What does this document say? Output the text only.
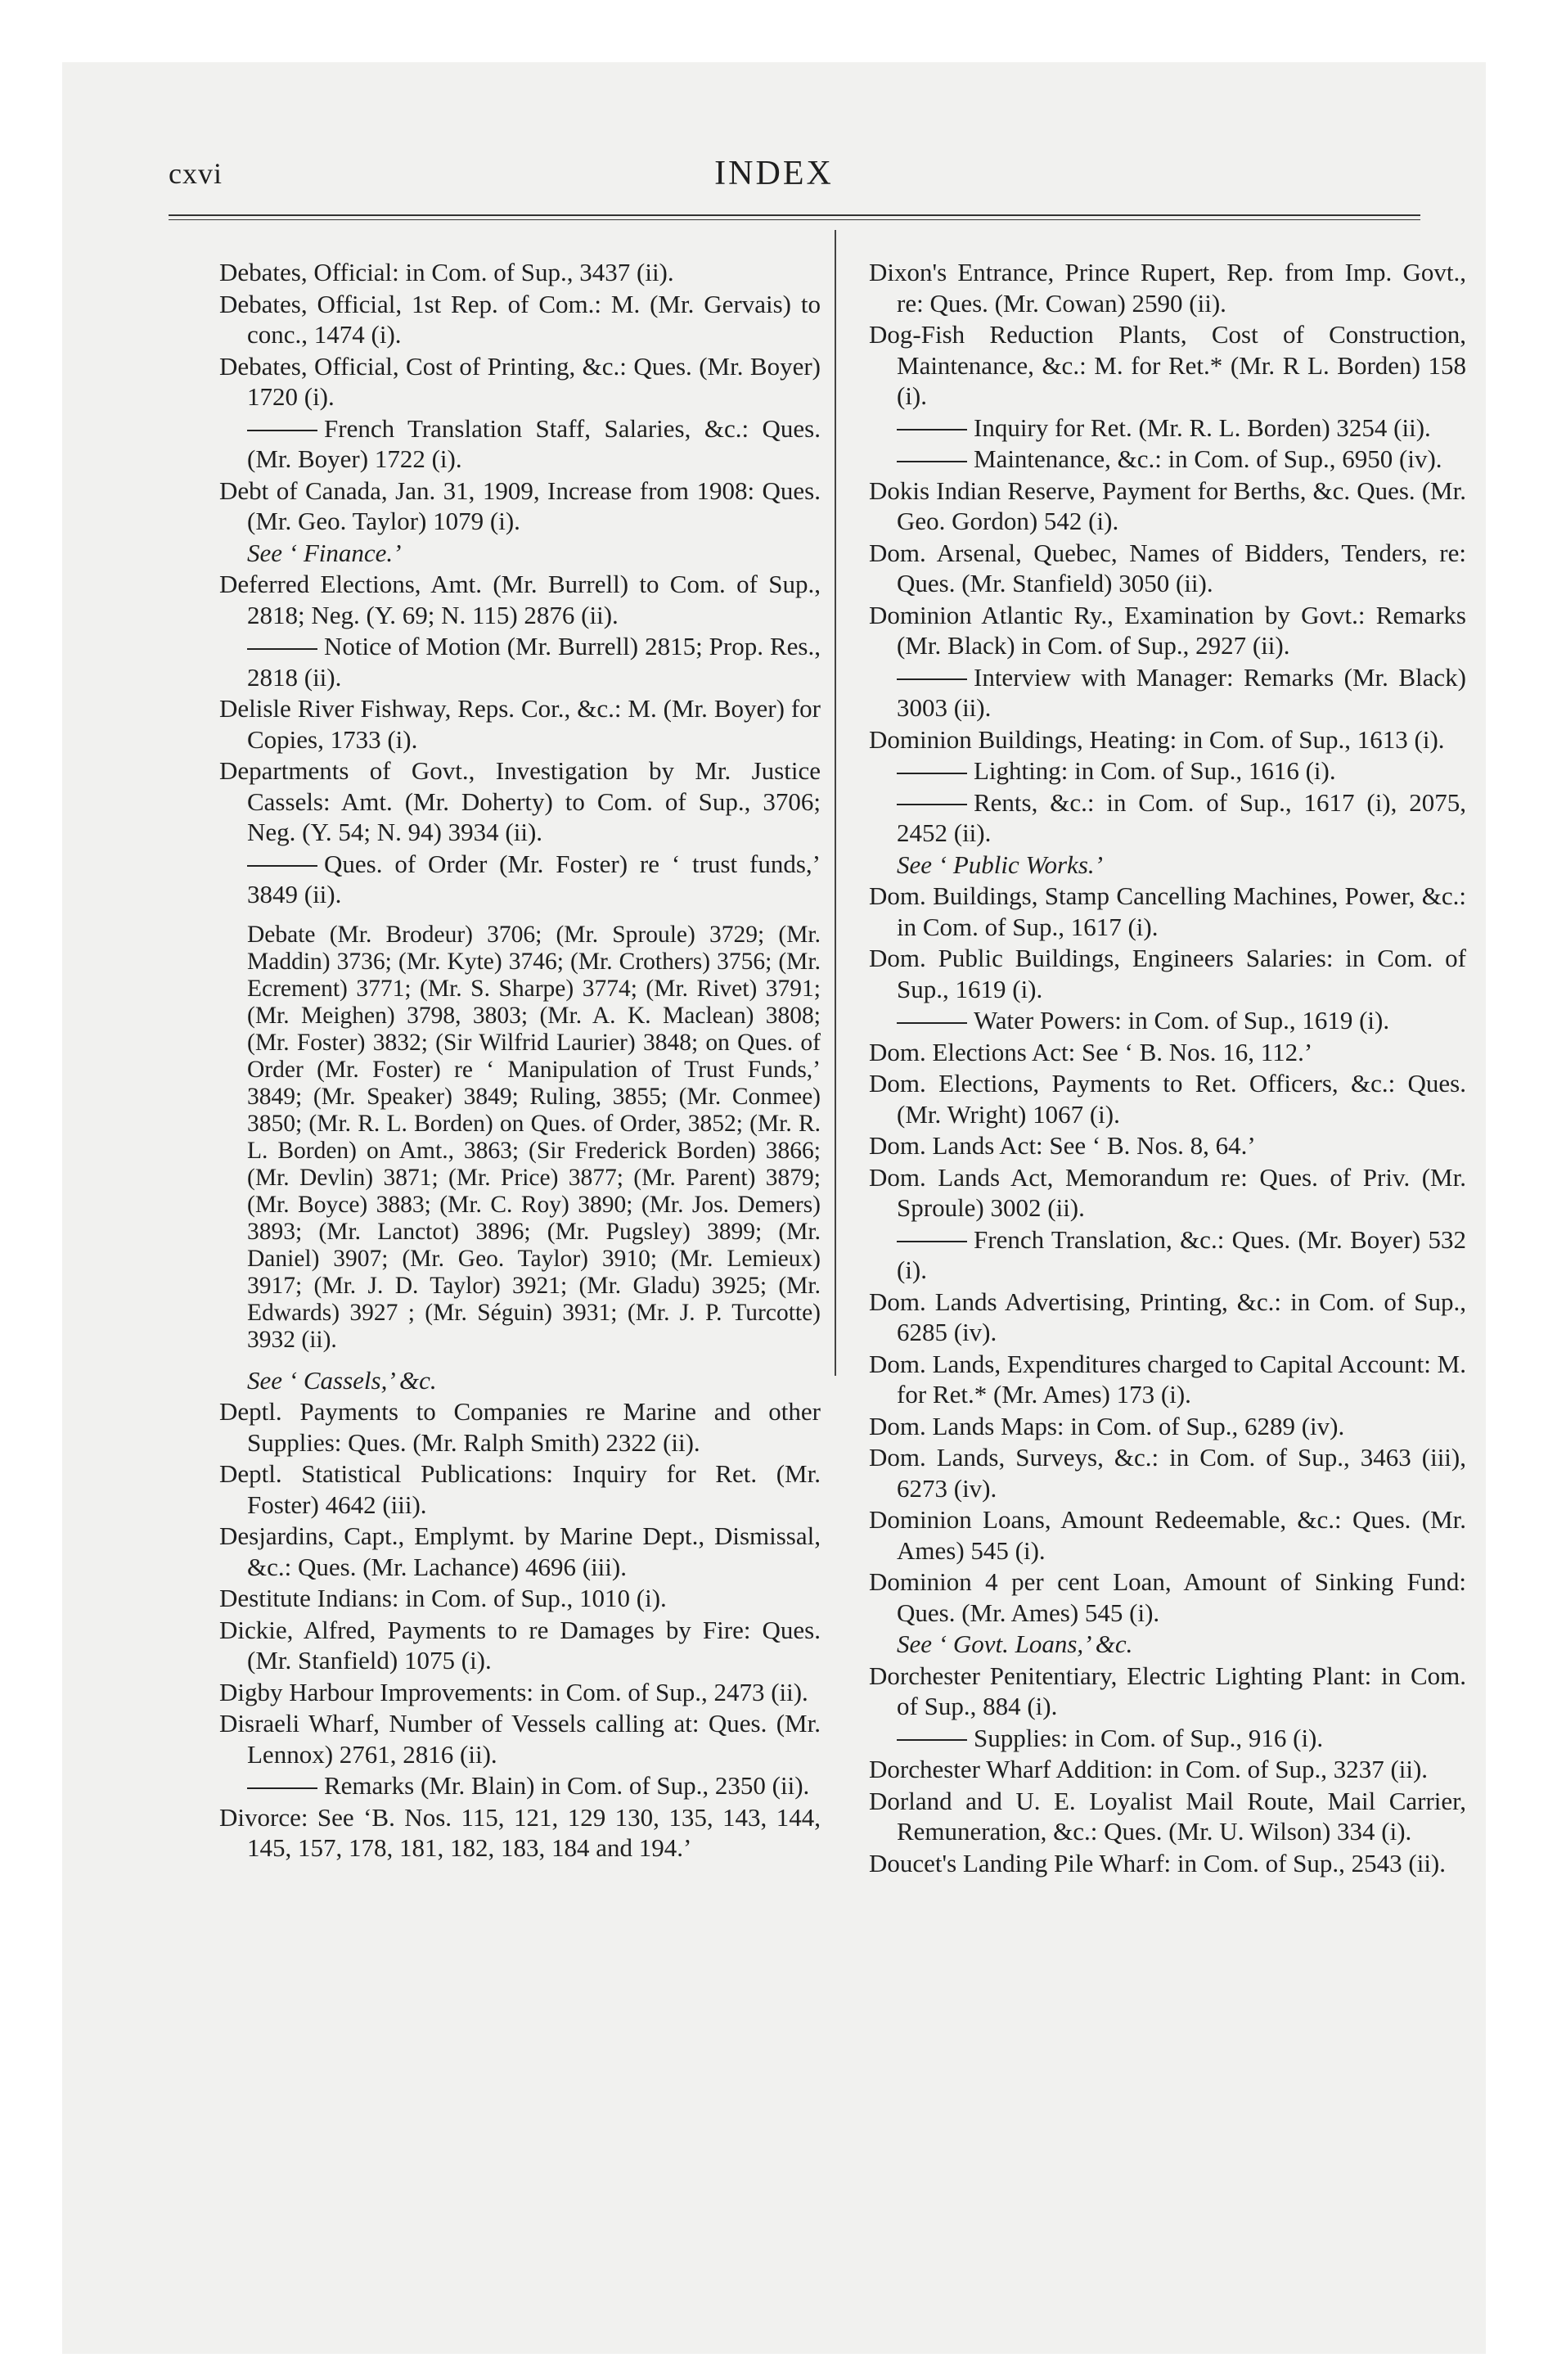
cxvi	INDEX

Debates, Official: in Com. of Sup., 3437 (ii).

Debates, Official, 1st Rep. of Com.: M. (Mr. Gervais) to conc., 1474 (i).

Debates, Official, Cost of Printing, &c.: Ques. (Mr. Boyer) 1720 (i).

French Translation Staff, Salaries, &c.: Ques. (Mr. Boyer) 1722 (i).

Debt of Canada, Jan. 31, 1909, Increase from 1908: Ques. (Mr. Geo. Taylor) 1079 (i).

See ‘ Finance.’

Deferred Elections, Amt. (Mr. Burrell) to Com. of Sup., 2818; Neg. (Y. 69; N. 115) 2876 (ii).

Notice of Motion (Mr. Burrell) 2815; Prop. Res., 2818 (ii).

Delisle River Fishway, Reps. Cor., &c.: M. (Mr. Boyer) for Copies, 1733 (i).

Departments of Govt., Investigation by Mr. Justice Cassels: Amt. (Mr. Doherty) to Com. of Sup., 3706; Neg. (Y. 54; N. 94) 3934 (ii).

Ques. of Order (Mr. Foster) re ‘ trust funds,’ 3849 (ii).

Debate (Mr. Brodeur) 3706; (Mr. Sproule) 3729; (Mr. Maddin) 3736; (Mr. Kyte) 3746; (Mr. Crothers) 3756; (Mr. Ecrement) 3771; (Mr. S. Sharpe) 3774; (Mr. Rivet) 3791; (Mr. Meighen) 3798, 3803; (Mr. A. K. Maclean) 3808; (Mr. Foster) 3832; (Sir Wilfrid Laurier) 3848; on Ques. of Order (Mr. Foster) re ‘ Manipulation of Trust Funds,’ 3849; (Mr. Speaker) 3849; Ruling, 3855; (Mr. Conmee) 3850; (Mr. R. L. Borden) on Ques. of Order, 3852; (Mr. R. L. Borden) on Amt., 3863; (Sir Frederick Borden) 3866; (Mr. Devlin) 3871; (Mr. Price) 3877; (Mr. Parent) 3879; (Mr. Boyce) 3883; (Mr. C. Roy) 3890; (Mr. Jos. Demers) 3893; (Mr. Lanctot) 3896; (Mr. Pugsley) 3899; (Mr. Daniel) 3907; (Mr. Geo. Taylor) 3910; (Mr. Lemieux) 3917; (Mr. J. D. Taylor) 3921; (Mr. Gladu) 3925; (Mr. Edwards) 3927 ; (Mr. Séguin) 3931; (Mr. J. P. Turcotte) 3932 (ii).

See ‘ Cassels,’ &c.

Deptl. Payments to Companies re Marine and other Supplies: Ques. (Mr. Ralph Smith) 2322 (ii).

Deptl. Statistical Publications: Inquiry for Ret. (Mr. Foster) 4642 (iii).

Desjardins, Capt., Emplymt. by Marine Dept., Dismissal, &c.: Ques. (Mr. Lachance) 4696 (iii).

Destitute Indians: in Com. of Sup., 1010 (i).

Dickie, Alfred, Payments to re Damages by Fire: Ques. (Mr. Stanfield) 1075 (i).

Digby Harbour Improvements: in Com. of Sup., 2473 (ii).

Disraeli Wharf, Number of Vessels calling at: Ques. (Mr. Lennox) 2761, 2816 (ii).

Remarks (Mr. Blain) in Com. of Sup., 2350 (ii).

Divorce: See ‘B. Nos. 115, 121, 129 130, 135, 143, 144, 145, 157, 178, 181, 182, 183, 184 and 194.’

Dixon's Entrance, Prince Rupert, Rep. from Imp. Govt., re: Ques. (Mr. Cowan) 2590 (ii).

Dog-Fish Reduction Plants, Cost of Construction, Maintenance, &c.: M. for Ret.* (Mr. R L. Borden) 158 (i).

Inquiry for Ret. (Mr. R. L. Borden) 3254 (ii).

Maintenance, &c.: in Com. of Sup., 6950 (iv).

Dokis Indian Reserve, Payment for Berths, &c. Ques. (Mr. Geo. Gordon) 542 (i).

Dom. Arsenal, Quebec, Names of Bidders, Tenders, re: Ques. (Mr. Stanfield) 3050 (ii).

Dominion Atlantic Ry., Examination by Govt.: Remarks (Mr. Black) in Com. of Sup., 2927 (ii).

Interview with Manager: Remarks (Mr. Black) 3003 (ii).

Dominion Buildings, Heating: in Com. of Sup., 1613 (i).

Lighting: in Com. of Sup., 1616 (i).

Rents, &c.: in Com. of Sup., 1617 (i), 2075, 2452 (ii).

See ‘ Public Works.’

Dom. Buildings, Stamp Cancelling Machines, Power, &c.: in Com. of Sup., 1617 (i).

Dom. Public Buildings, Engineers Salaries: in Com. of Sup., 1619 (i).

Water Powers: in Com. of Sup., 1619 (i).

Dom. Elections Act: See ‘ B. Nos. 16, 112.’

Dom. Elections, Payments to Ret. Officers, &c.: Ques. (Mr. Wright) 1067 (i).

Dom. Lands Act: See ‘ B. Nos. 8, 64.’

Dom. Lands Act, Memorandum re: Ques. of Priv. (Mr. Sproule) 3002 (ii).

French Translation, &c.: Ques. (Mr. Boyer) 532 (i).

Dom. Lands Advertising, Printing, &c.: in Com. of Sup., 6285 (iv).

Dom. Lands, Expenditures charged to Capital Account: M. for Ret.* (Mr. Ames) 173 (i).

Dom. Lands Maps: in Com. of Sup., 6289 (iv).

Dom. Lands, Surveys, &c.: in Com. of Sup., 3463 (iii), 6273 (iv).

Dominion Loans, Amount Redeemable, &c.: Ques. (Mr. Ames) 545 (i).

Dominion 4 per cent Loan, Amount of Sinking Fund: Ques. (Mr. Ames) 545 (i).

See ‘ Govt. Loans,’ &c.

Dorchester Penitentiary, Electric Lighting Plant: in Com. of Sup., 884 (i).

Supplies: in Com. of Sup., 916 (i).

Dorchester Wharf Addition: in Com. of Sup., 3237 (ii).

Dorland and U. E. Loyalist Mail Route, Mail Carrier, Remuneration, &c.: Ques. (Mr. U. Wilson) 334 (i).

Doucet's Landing Pile Wharf: in Com. of Sup., 2543 (ii).
